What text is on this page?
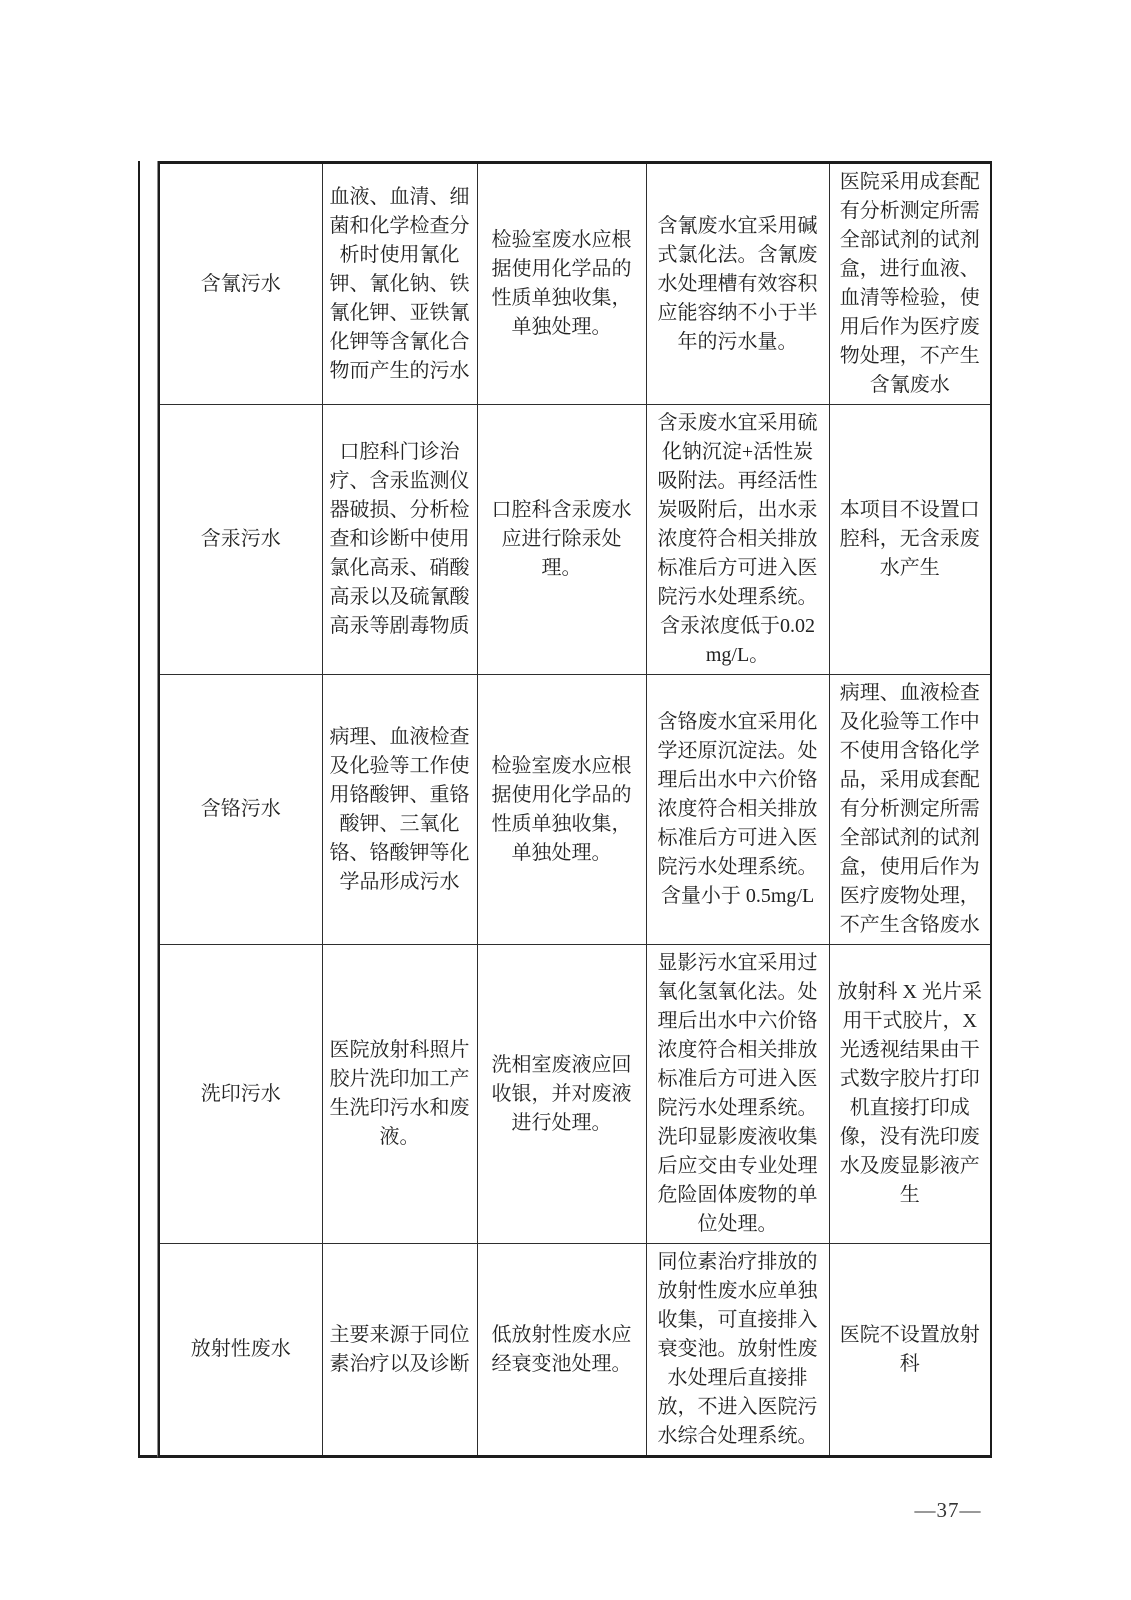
含氰污水	血液、血清、细菌和化学检查分析时使用氰化钾、氰化钠、铁氰化钾、亚铁氰化钾等含氰化合物而产生的污水	检验室废水应根据使用化学品的性质单独收集，单独处理。	含氰废水宜采用碱式氯化法。含氰废水处理槽有效容积应能容纳不小于半年的污水量。	医院采用成套配有分析测定所需全部试剂的试剂盒，进行血液、血清等检验，使用后作为医疗废物处理，不产生含氰废水
含汞污水	口腔科门诊治疗、含汞监测仪器破损、分析检查和诊断中使用氯化高汞、硝酸高汞以及硫氰酸高汞等剧毒物质	口腔科含汞废水应进行除汞处理。	含汞废水宜采用硫化钠沉淀+活性炭吸附法。再经活性炭吸附后，出水汞浓度符合相关排放标准后方可进入医院污水处理系统。含汞浓度低于0.02mg/L。	本项目不设置口腔科，无含汞废水产生
含铬污水	病理、血液检查及化验等工作使用铬酸钾、重铬酸钾、三氧化铬、铬酸钾等化学品形成污水	检验室废水应根据使用化学品的性质单独收集，单独处理。	含铬废水宜采用化学还原沉淀法。处理后出水中六价铬浓度符合相关排放标准后方可进入医院污水处理系统。含量小于 0.5mg/L	病理、血液检查及化验等工作中不使用含铬化学品，采用成套配有分析测定所需全部试剂的试剂盒，使用后作为医疗废物处理，不产生含铬废水
洗印污水	医院放射科照片胶片洗印加工产生洗印污水和废液。	洗相室废液应回收银，并对废液进行处理。	显影污水宜采用过氧化氢氧化法。处理后出水中六价铬浓度符合相关排放标准后方可进入医院污水处理系统。洗印显影废液收集后应交由专业处理危险固体废物的单位处理。	放射科 X 光片采用干式胶片，X 光透视结果由干式数字胶片打印机直接打印成像，没有洗印废水及废显影液产生
放射性废水	主要来源于同位素治疗以及诊断	低放射性废水应经衰变池处理。	同位素治疗排放的放射性废水应单独收集，可直接排入衰变池。放射性废水处理后直接排放，不进入医院污水综合处理系统。	医院不设置放射科
—37—
